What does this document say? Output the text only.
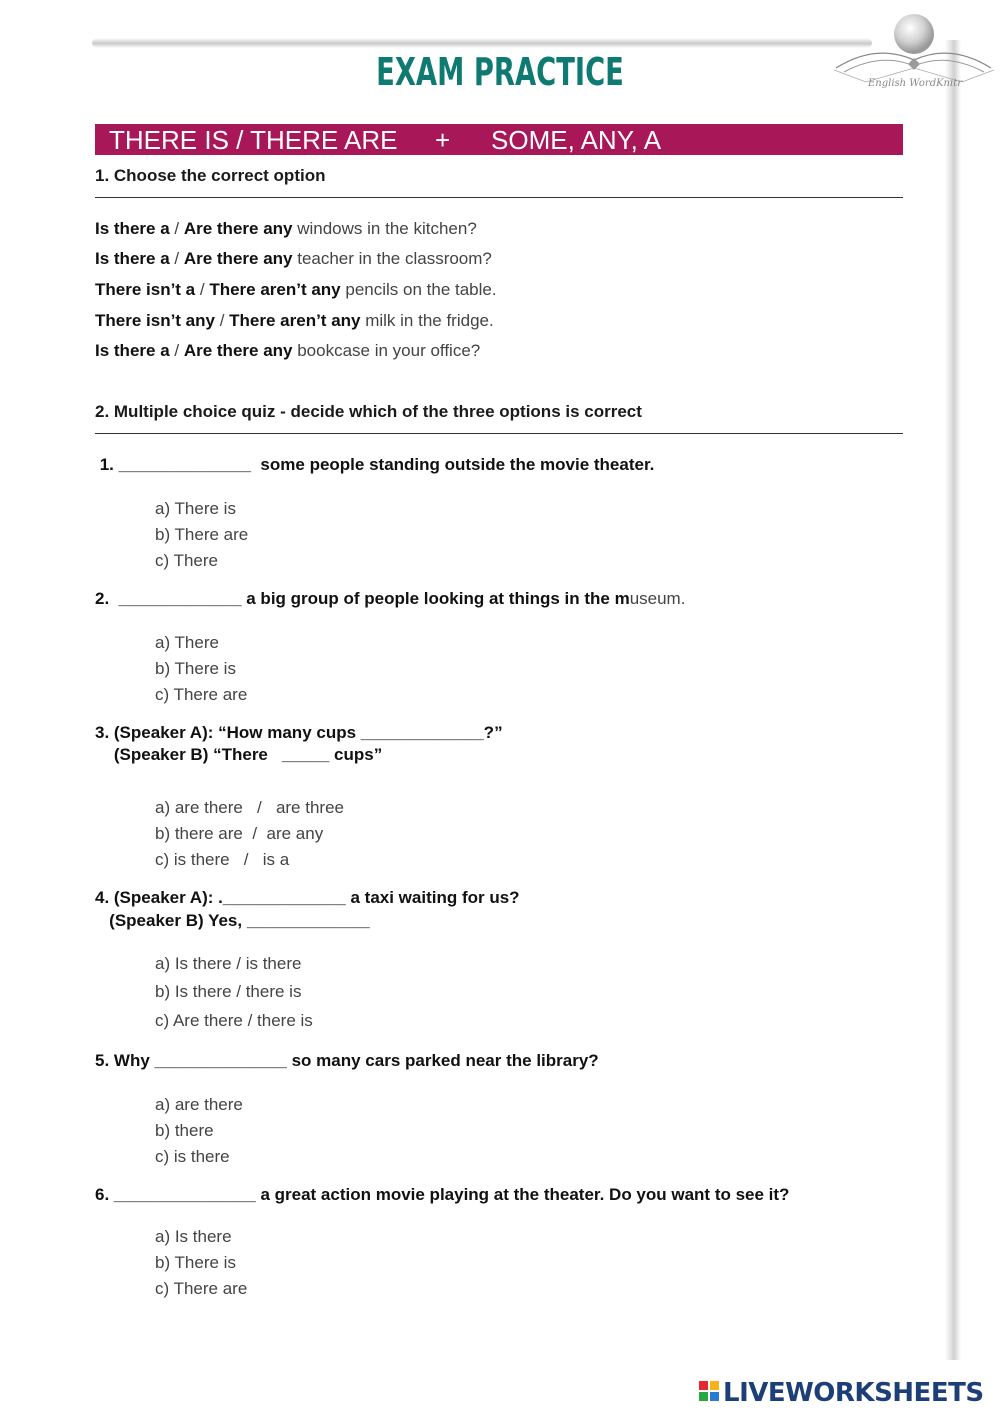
English WordKnitr
EXAM PRACTICE
THERE IS / THERE ARE + SOME, ANY, A
1. Choose the correct option
Is there a / Are there any windows in the kitchen?
Is there a / Are there any teacher in the classroom?
There isn’t a / There aren’t any pencils on the table.
There isn’t any / There aren’t any milk in the fridge.
Is there a / Are there any bookcase in your office?
2. Multiple choice quiz - decide which of the three options is correct
1. ______________  some people standing outside the movie theater.
a) There is
b) There are
c) There
2.  _____________ a big group of people looking at things in the museum.
a) There
b) There is
c) There are
3. (Speaker A): “How many cups _____________?”
(Speaker B) “There   _____ cups”
a) are there   /   are three
b) there are  /  are any
c) is there   /   is a
4. (Speaker A): ._____________ a taxi waiting for us?
(Speaker B) Yes, _____________
a) Is there / is there
b) Is there / there is
c) Are there / there is
5. Why ______________ so many cars parked near the library?
a) are there
b) there
c) is there
6. _______________ a great action movie playing at the theater. Do you want to see it?
a) Is there
b) There is
c) There are
LIVEWORKSHEETS
